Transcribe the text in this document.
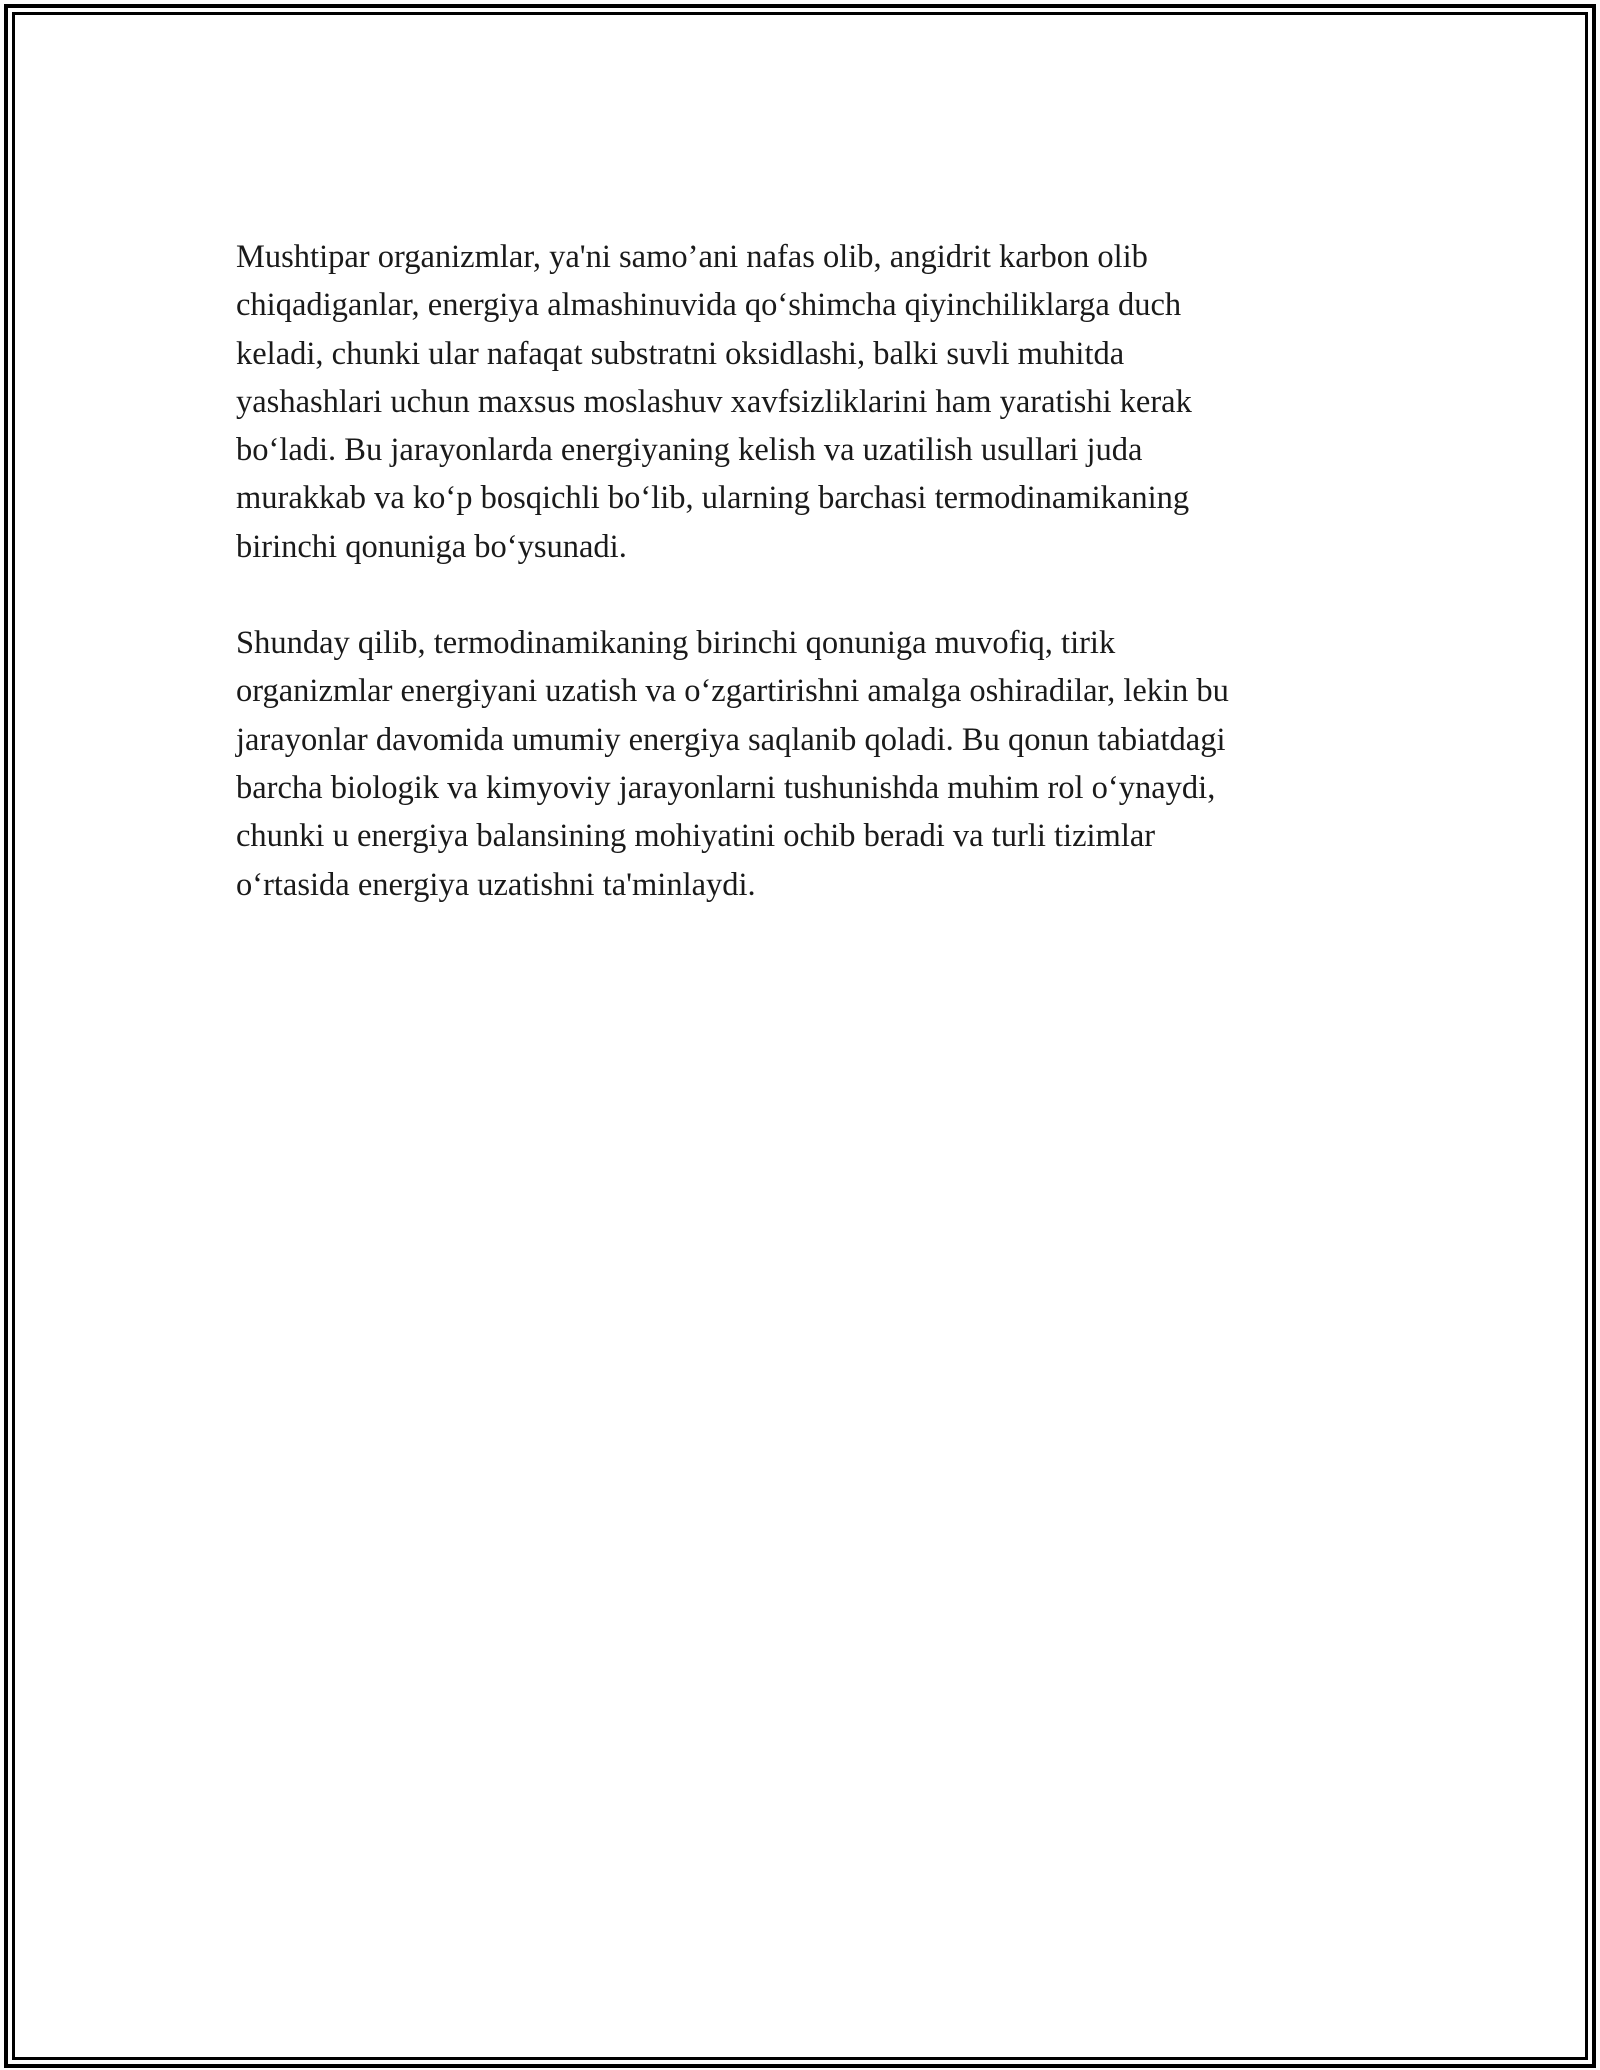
Mushtipar organizmlar, ya'ni samo’ani nafas olib, angidrit karbon olib
chiqadiganlar, energiya almashinuvida qo‘shimcha qiyinchiliklarga duch
keladi, chunki ular nafaqat substratni oksidlashi, balki suvli muhitda
yashashlari uchun maxsus moslashuv xavfsizliklarini ham yaratishi kerak
bo‘ladi. Bu jarayonlarda energiyaning kelish va uzatilish usullari juda
murakkab va ko‘p bosqichli bo‘lib, ularning barchasi termodinamikaning
birinchi qonuniga bo‘ysunadi.

Shunday qilib, termodinamikaning birinchi qonuniga muvofiq, tirik
organizmlar energiyani uzatish va o‘zgartirishni amalga oshiradilar, lekin bu
jarayonlar davomida umumiy energiya saqlanib qoladi. Bu qonun tabiatdagi
barcha biologik va kimyoviy jarayonlarni tushunishda muhim rol o‘ynaydi,
chunki u energiya balansining mohiyatini ochib beradi va turli tizimlar
o‘rtasida energiya uzatishni ta'minlaydi.
